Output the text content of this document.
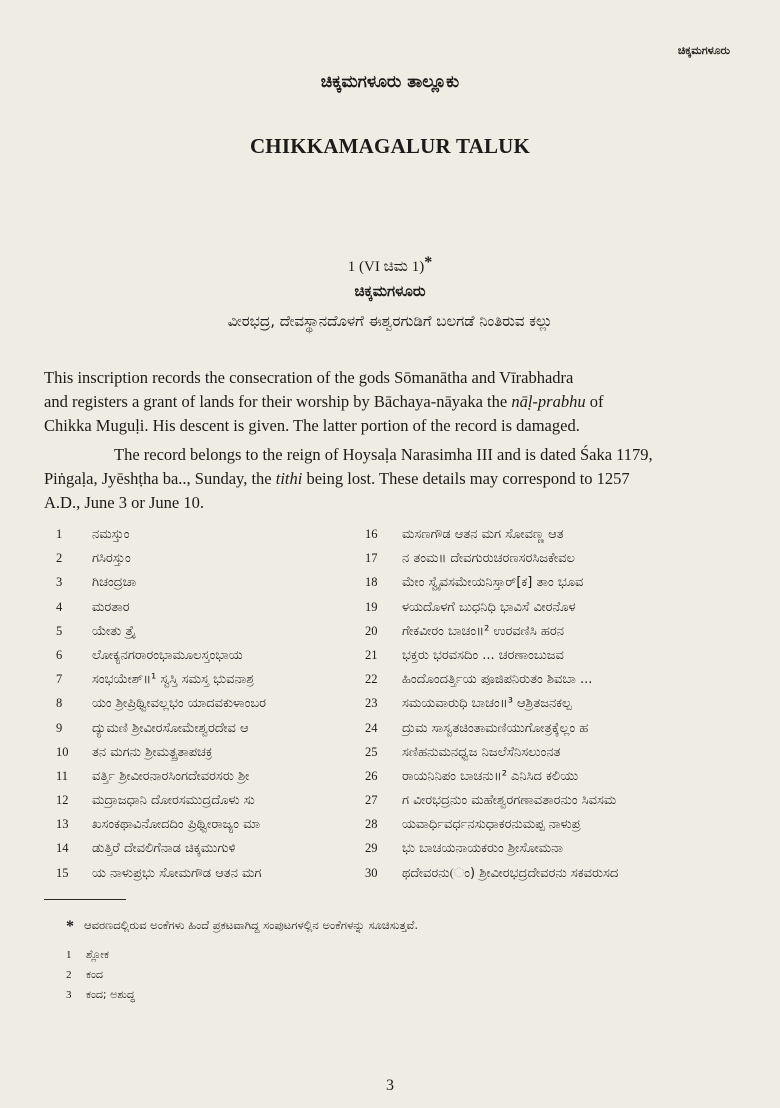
ಚಿಕ್ಕಮಗಳೂರು
ಚಿಕ್ಕಮಗಳೂರು ತಾಲ್ಲೂಕು
CHIKKAMAGALUR TALUK
1 (VI ಚಿಮ 1)*
ಚಿಕ್ಕಮಗಳೂರು
ವೀರಭದ್ರ, ದೇವಸ್ಥಾನದೊಳಗೆ ಈಶ್ವರಗುಡಿಗೆ ಬಲಗಡೆ ನಿಂತಿರುವ ಕಲ್ಲು
This inscription records the consecration of the gods Sōmanātha and Vīrabhadra
and registers a grant of lands for their worship by Bāchaya-nāyaka the nāḷ-prabhu of
Chikka Muguḷi. His descent is given. The latter portion of the record is damaged.
The record belongs to the reign of Hoysaḷa Narasimha III and is dated Śaka 1179,
Piṅgaḷa, Jyēshṭha ba.., Sunday, the tithi being lost. These details may correspond to 1257
A.D., June 3 or June 10.
1 ನಮಸ್ತುಂ
2 ಗಸಿರಸ್ತುಂ
3 ಗಿಚಂದ್ರಚಾ
4 ಮರತಾರ
5 ಯೇತು ತ್ರೈ
6 ಲೋಕ್ಯನಗರಾರಂಭಾಮೂಲಸ್ತಂಭಾಯ
7 ಸಂಭಯೇಶ್॥¹ ಸ್ವಸ್ತಿ ಸಮಸ್ತ ಭುವನಾಶ್ರ
8 ಯಂ ಶ್ರೀಪ್ರಿಥ್ವೀವಲ್ಲಭಂ ಯಾದವಕುಳಾಂಬರ
9 ದ್ಯುಮಣಿ ಶ್ರೀವೀರಸೋಮೇಶ್ವರದೇವ ಆ
10 ತನ ಮಗನು ಶ್ರೀಮತ್ಪ್ರತಾಪಚಕ್ರ
11 ವರ್ತ್ತಿ ಶ್ರೀವೀರನಾರಸಿಂಗದೇವರಸರು ಶ್ರೀ
12 ಮದ್ರಾಜಧಾನಿ ದೋರಸಮುದ್ರದೊಳು ಸು
13 ಖಸಂಕಥಾವಿನೋದದಿಂ ಪ್ರಿಥ್ವೀರಾಜ್ಯಂ ಮಾ
14 ಡುತ್ತಿರೆ ದೇವಲಿಗೆನಾಡ ಚಿಕ್ಕಮುಗುಳಿ
15 ಯ ನಾಳುಪ್ರಭು ಸೋಮಗೌಡ ಆತನ ಮಗ
16 ಮಸಣಗೌಡ ಆತನ ಮಗ ಸೋವಣ್ಣ ಆತ
17 ನ ತಂಮ॥ ದೇವಗುರುಚರಣಸರಸಿಜಕೇವಲ
18 ಮೇಂ ಸ್ವೈವಸಮೇಯನಿಸ್ತಾರ್[ಕ] ತಾಂ ಭೂವ
19 ಳಯದೊಳಗೆ ಬುಧನಿಧಿ ಭಾವಿಸೆ ವೀರನೊಳ
20 ಗೇಕವೀರಂ ಬಾಚಂ॥² ಉರವಣಿಸಿ ಹರನ
21 ಭಕ್ತರು ಭರವಸದಿಂ ... ಚರಣಾಂಬುಜವ
22 ಹಿಂದೊಂದರ್ತ್ತಿಯ ಪೂಜಿಪನಿರುತಂ ಶಿವಬಾ ...
23 ಸಮಯವಾರುಧಿ ಬಾಚಂ॥³ ಆಶ್ರಿತಜನಕಲ್ಪ
24 ದ್ರುಮ ಸಾಸ್ವತಚಿಂತಾಮಣಿಯುಗೋತ್ರಕ್ಕೆಲ್ಲಂ ಹ
25 ಸಣಿಹನುಮನಧ್ವಜ ನಿಜಲೆಸೆನಿಸಲುಂನತ
26 ರಾಯನಿನಿಪಂ ಬಾಚನು॥² ಎನಿಸಿದ ಕಲಿಯು
27 ಗ ವೀರಭದ್ರನುಂ ಮಹೇಶ್ವರಗಣಾವತಾರನುಂ ಸಿವಸಮ
28 ಯವಾರ್ಧಿವರ್ಧನಸುಧಾಕರನುಮಪ್ಪ ನಾಳುಪ್ರ
29 ಭು ಬಾಚಯನಾಯಕರುಂ ಶ್ರೀಸೋಮನಾ
30 ಥದೇವರನು(ಂ) ಶ್ರೀವೀರಭದ್ರದೇವರನು ಸಕವರುಸದ
* ಆವರಣದಲ್ಲಿರುವ ಅಂಕೆಗಳು ಹಿಂದೆ ಪ್ರಕಟವಾಗಿದ್ದ ಸಂಪುಟಗಳಲ್ಲಿನ ಅಂಕೆಗಳನ್ನು ಸೂಚಿಸುತ್ತವೆ.
1 ಶ್ಲೋಕ
2 ಕಂದ
3 ಕಂದ; ಅಶುದ್ಧ
3
